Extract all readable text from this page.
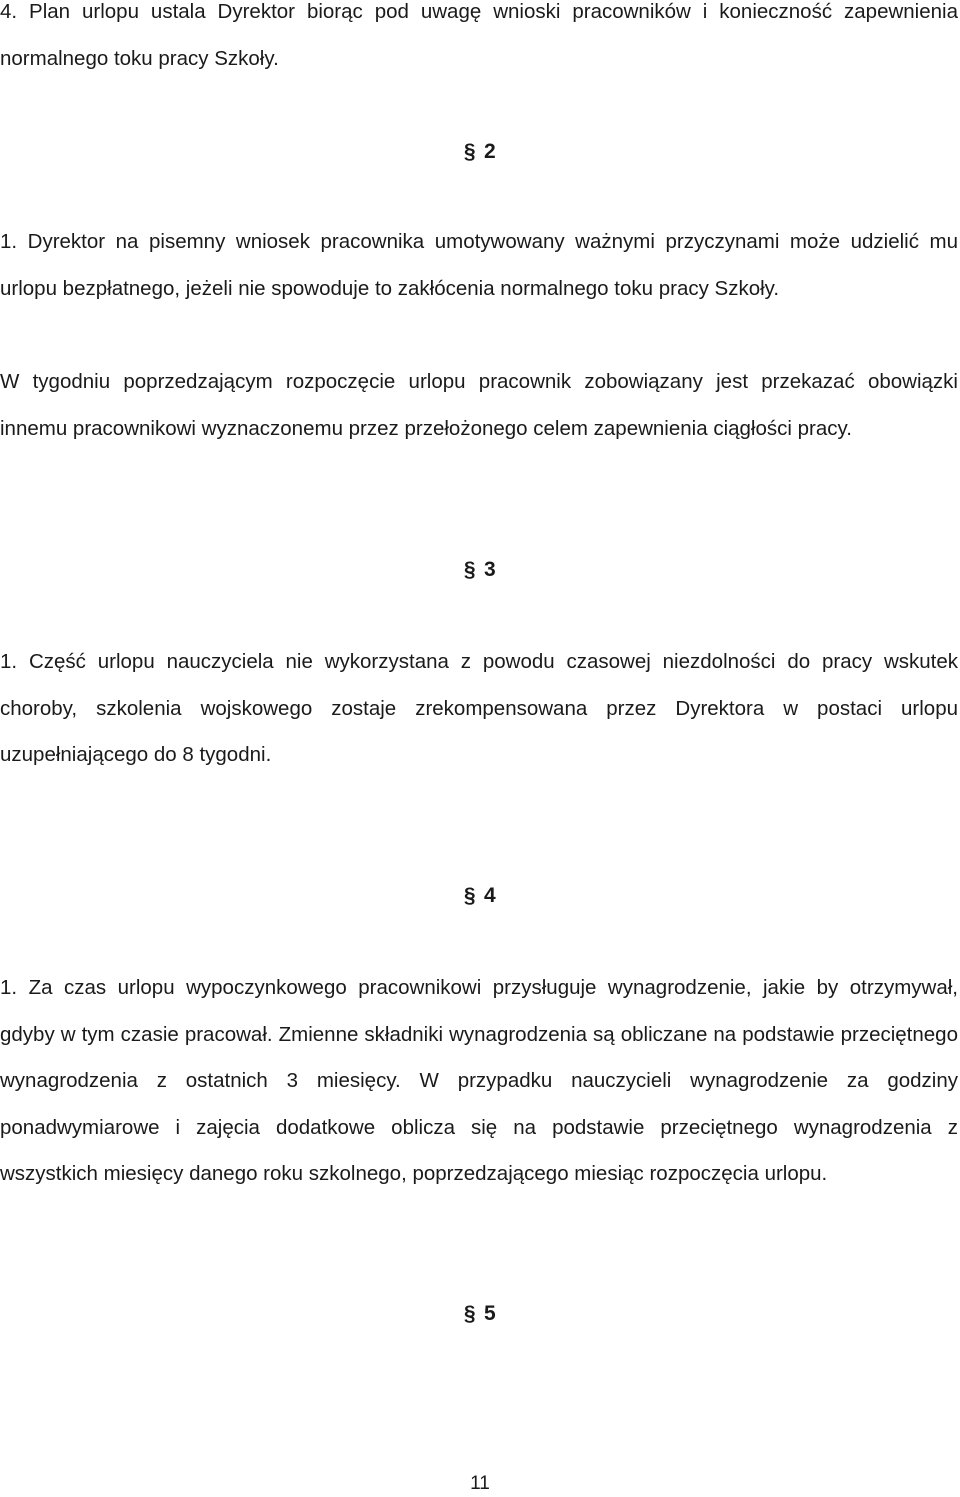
4. Plan urlopu ustala Dyrektor biorąc pod uwagę wnioski pracowników i konieczność zapewnienia normalnego toku pracy Szkoły.

§ 2

1. Dyrektor na pisemny wniosek pracownika umotywowany ważnymi przyczynami może udzielić mu urlopu bezpłatnego, jeżeli nie spowoduje to zakłócenia normalnego toku pracy Szkoły.

W tygodniu poprzedzającym rozpoczęcie urlopu pracownik zobowiązany jest przekazać obowiązki innemu pracownikowi wyznaczonemu przez przełożonego celem zapewnienia ciągłości pracy.

§ 3

1. Część urlopu nauczyciela nie wykorzystana z powodu czasowej niezdolności do pracy wskutek choroby, szkolenia wojskowego zostaje zrekompensowana przez Dyrektora w postaci urlopu uzupełniającego do 8 tygodni.

§ 4

1. Za czas urlopu wypoczynkowego pracownikowi przysługuje wynagrodzenie, jakie by otrzymywał, gdyby w tym czasie pracował. Zmienne składniki wynagrodzenia są obliczane na podstawie przeciętnego wynagrodzenia z ostatnich 3 miesięcy. W przypadku nauczycieli wynagrodzenie za godziny ponadwymiarowe i zajęcia dodatkowe oblicza się na podstawie przeciętnego wynagrodzenia z wszystkich miesięcy danego roku szkolnego, poprzedzającego miesiąc rozpoczęcia urlopu.

§ 5
11
